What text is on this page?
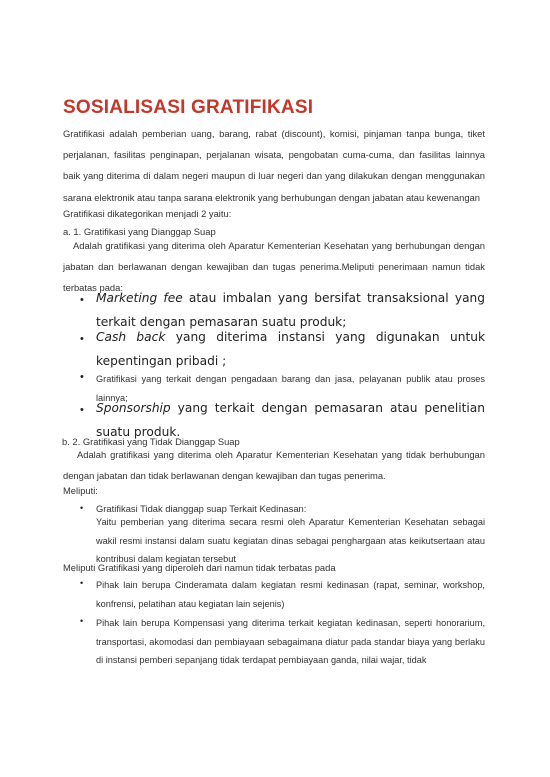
SOSIALISASI GRATIFIKASI
Gratifikasi adalah pemberian uang, barang, rabat (discount), komisi, pinjaman tanpa bunga, tiket perjalanan, fasilitas penginapan, perjalanan wisata, pengobatan cuma-cuma, dan fasilitas lainnya baik yang diterima di dalam negeri maupun di luar negeri dan yang dilakukan dengan menggunakan sarana elektronik atau tanpa sarana elektronik yang berhubungan dengan jabatan atau kewenangan
Gratifikasi dikategorikan menjadi 2 yaitu:
a. 1. Gratifikasi yang Dianggap Suap
Adalah gratifikasi yang diterima oleh Aparatur Kementerian Kesehatan yang berhubungan dengan jabatan dan berlawanan dengan kewajiban dan tugas penerima.Meliputi penerimaan namun tidak terbatas pada:
• Marketing fee atau imbalan yang bersifat transaksional yang terkait dengan pemasaran suatu produk;
• Cash back yang diterima instansi yang digunakan untuk kepentingan pribadi ;
• Gratifikasi yang terkait dengan pengadaan barang dan jasa, pelayanan publik atau proses lainnya;
• Sponsorship yang terkait dengan pemasaran atau penelitian suatu produk.
b. 2. Gratifikasi yang Tidak Dianggap Suap
Adalah gratifikasi yang diterima oleh Aparatur Kementerian Kesehatan yang tidak berhubungan dengan jabatan dan tidak berlawanan dengan kewajiban dan tugas penerima.
Meliputi:
• Gratifikasi Tidak dianggap suap Terkait Kedinasan:
Yaitu pemberian yang diterima secara resmi oleh Aparatur Kementerian Kesehatan sebagai wakil resmi instansi dalam suatu kegiatan dinas sebagai penghargaan atas keikutsertaan atau kontribusi dalam kegiatan tersebut
Meliputi Gratifikasi yang diperoleh dari namun tidak terbatas pada
• Pihak lain berupa Cinderamata dalam kegiatan resmi kedinasan (rapat, seminar, workshop, konfrensi, pelatihan atau kegiatan lain sejenis)
• Pihak lain berupa Kompensasi yang diterima terkait kegiatan kedinasan, seperti honorarium, transportasi, akomodasi dan pembiayaan sebagaimana diatur pada standar biaya yang berlaku di instansi pemberi sepanjang tidak terdapat pembiayaan ganda, nilai wajar, tidak
